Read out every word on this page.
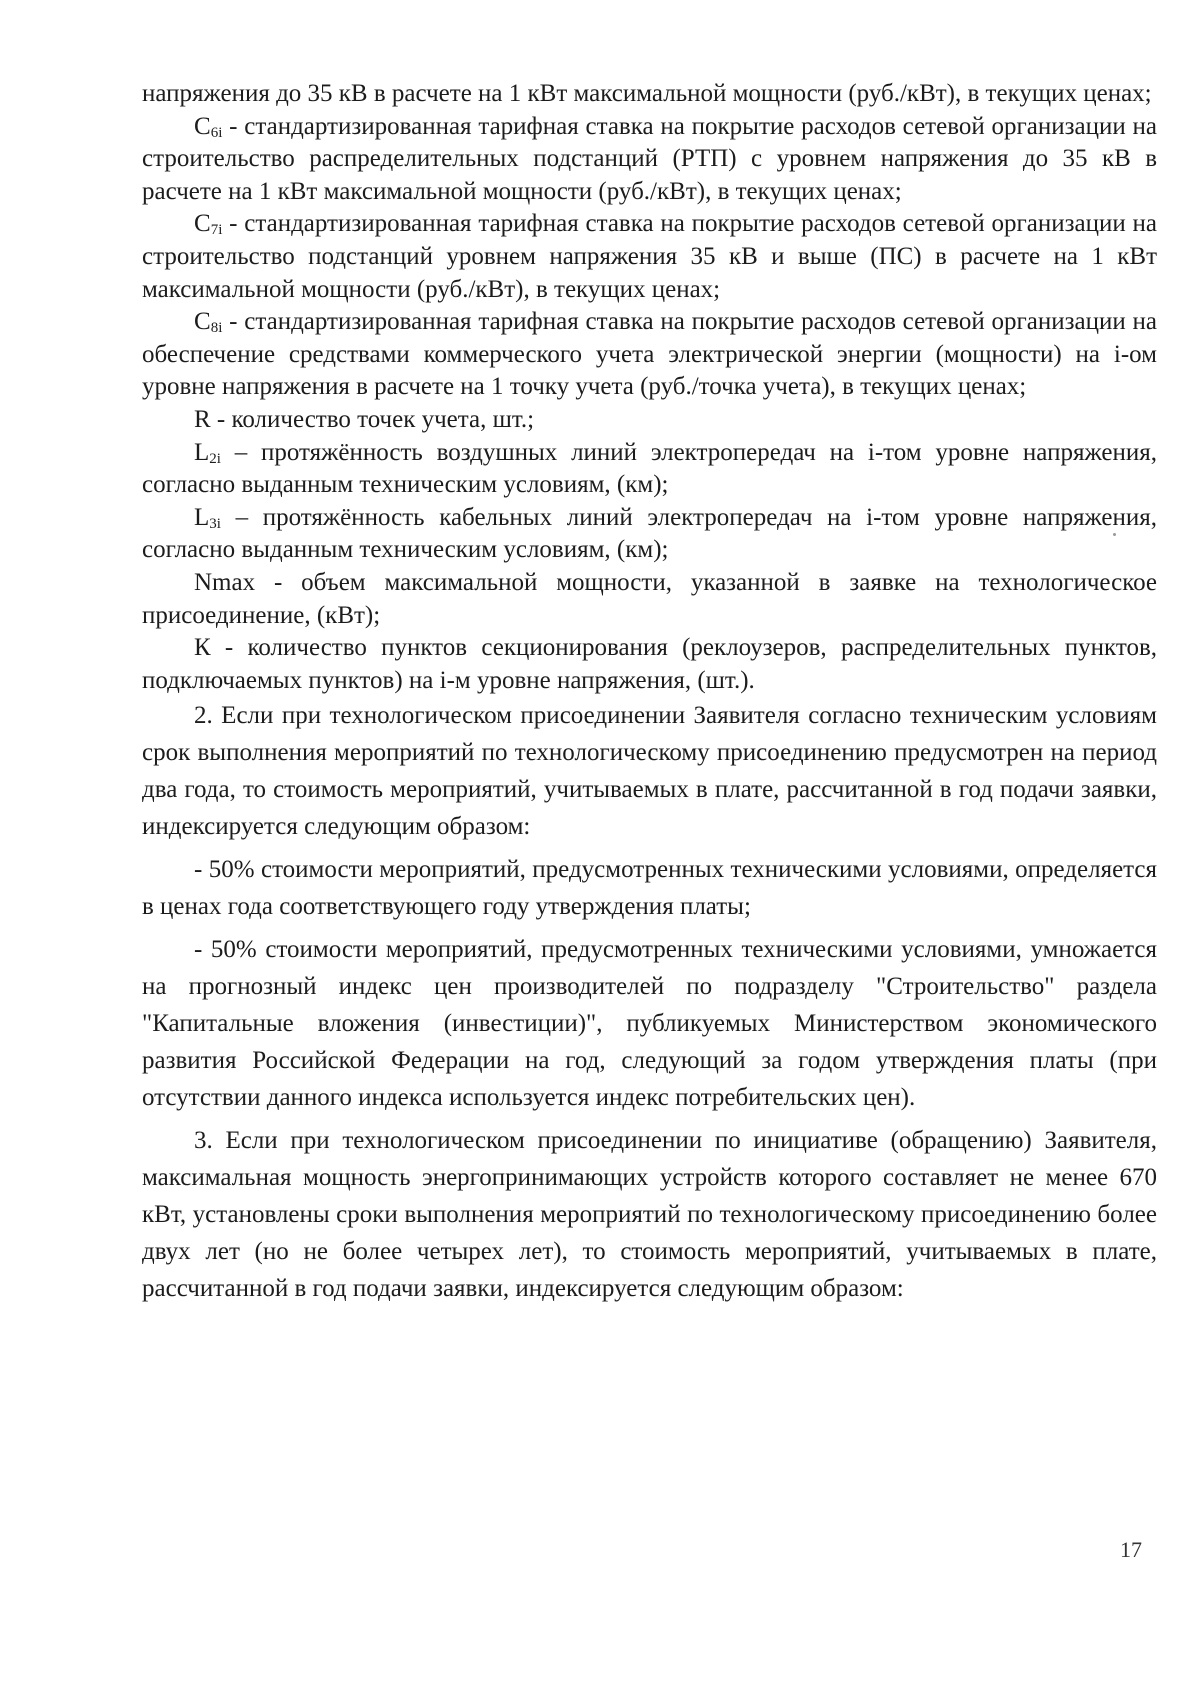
напряжения до 35 кВ в расчете на 1 кВт максимальной мощности (руб./кВт), в текущих ценах;

$C_{6i}$ - стандартизированная тарифная ставка на покрытие расходов сетевой организации на строительство распределительных подстанций (РТП) с уровнем напряжения до 35 кВ в расчете на 1 кВт максимальной мощности (руб./кВт), в текущих ценах;

$C_{7i}$ - стандартизированная тарифная ставка на покрытие расходов сетевой организации на строительство подстанций уровнем напряжения 35 кВ и выше (ПС) в расчете на 1 кВт максимальной мощности (руб./кВт), в текущих ценах;

$C_{8i}$ - стандартизированная тарифная ставка на покрытие расходов сетевой организации на обеспечение средствами коммерческого учета электрической энергии (мощности) на i-ом уровне напряжения в расчете на 1 точку учета (руб./точка учета), в текущих ценах;

R - количество точек учета, шт.;

$L_{2i}$ – протяжённость воздушных линий электропередач на i-том уровне напряжения, согласно выданным техническим условиям, (км);

$L_{3i}$ – протяжённость кабельных линий электропередач на i-том уровне напряжения, согласно выданным техническим условиям, (км);

Nmax - объем максимальной мощности, указанной в заявке на технологическое присоединение, (кВт);

К - количество пунктов секционирования (реклоузеров, распределительных пунктов, подключаемых пунктов) на i-м уровне напряжения, (шт.).

2. Если при технологическом присоединении Заявителя согласно техническим условиям срок выполнения мероприятий по технологическому присоединению предусмотрен на период два года, то стоимость мероприятий, учитываемых в плате, рассчитанной в год подачи заявки, индексируется следующим образом:

- 50% стоимости мероприятий, предусмотренных техническими условиями, определяется в ценах года соответствующего году утверждения платы;

- 50% стоимости мероприятий, предусмотренных техническими условиями, умножается на прогнозный индекс цен производителей по подразделу "Строительство" раздела "Капитальные вложения (инвестиции)", публикуемых Министерством экономического развития Российской Федерации на год, следующий за годом утверждения платы (при отсутствии данного индекса используется индекс потребительских цен).

3. Если при технологическом присоединении по инициативе (обращению) Заявителя, максимальная мощность энергопринимающих устройств которого составляет не менее 670 кВт, установлены сроки выполнения мероприятий по технологическому присоединению более двух лет (но не более четырех лет), то стоимость мероприятий, учитываемых в плате, рассчитанной в год подачи заявки, индексируется следующим образом:

17
